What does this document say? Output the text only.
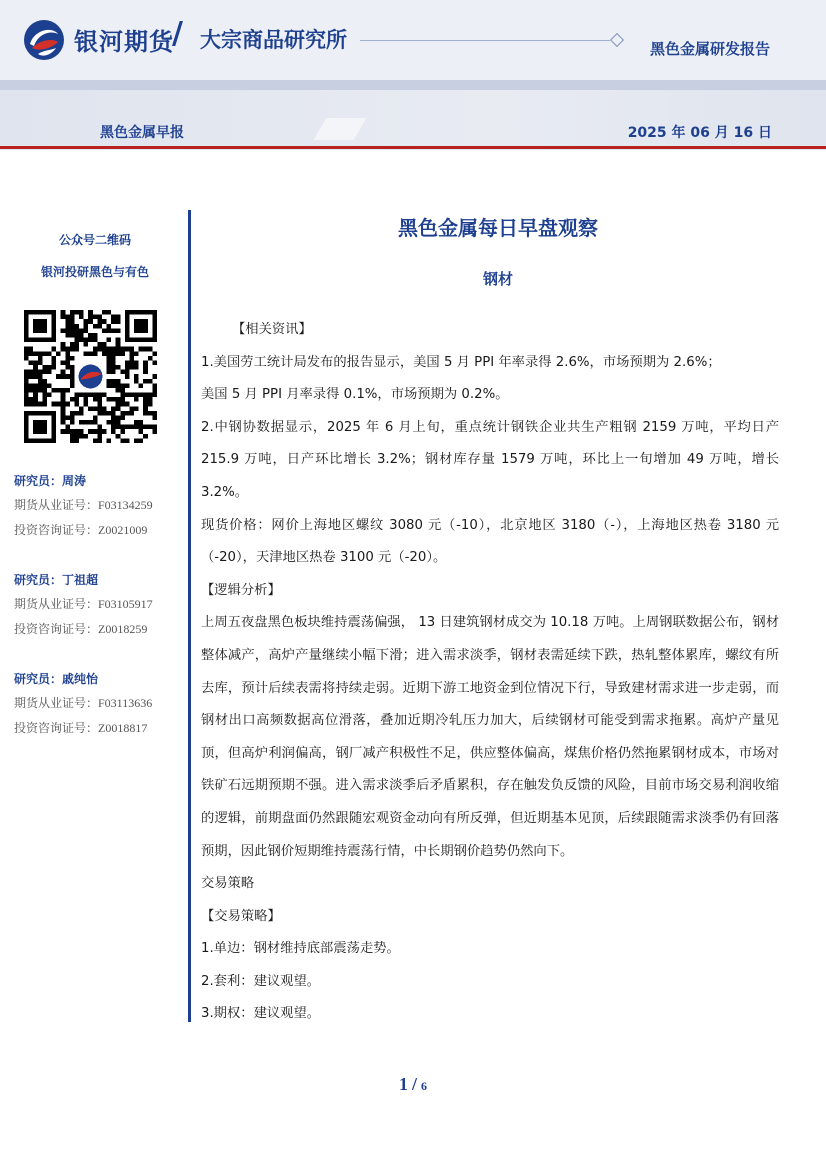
银河期货
/ 大宗商品研究所	黑色金属研发报告
黑色金属早报	2025 年 06 月 16 日
公众号二维码
银河投研黑色与有色
研究员：周涛
期货从业证号：F03134259
投资咨询证号：Z0021009
研究员：丁祖超
期货从业证号：F03105917
投资咨询证号：Z0018259
研究员：戚纯怡
期货从业证号：F03113636
投资咨询证号：Z0018817
黑色金属每日早盘观察
钢材

【相关资讯】

1.美国劳工统计局发布的报告显示，美国 5 月 PPI 年率录得 2.6%，市场预期为 2.6%；
美国 5 月 PPI 月率录得 0.1%，市场预期为 0.2%。

2.中钢协数据显示，2025 年 6 月上旬，重点统计钢铁企业共生产粗钢 2159 万吨，平均日产 215.9 万吨，日产环比增长 3.2%；钢材库存量 1579 万吨，环比上一旬增加 49 万吨，增长 3.2%。

现货价格：网价上海地区螺纹 3080 元（-10），北京地区 3180（-），上海地区热卷 3180 元（-20），天津地区热卷 3100 元（-20）。

【逻辑分析】

上周五夜盘黑色板块维持震荡偏强， 13 日建筑钢材成交为 10.18 万吨。上周钢联数据公布，钢材整体减产，高炉产量继续小幅下滑；进入需求淡季，钢材表需延续下跌，热轧整体累库，螺纹有所去库，预计后续表需将持续走弱。近期下游工地资金到位情况下行，导致建材需求进一步走弱，而钢材出口高频数据高位滑落，叠加近期冷轧压力加大，后续钢材可能受到需求拖累。高炉产量见顶，但高炉利润偏高，钢厂减产积极性不足，供应整体偏高，煤焦价格仍然拖累钢材成本，市场对铁矿石远期预期不强。进入需求淡季后矛盾累积，存在触发负反馈的风险，目前市场交易利润收缩的逻辑，前期盘面仍然跟随宏观资金动向有所反弹，但近期基本见顶，后续跟随需求淡季仍有回落预期，因此钢价短期维持震荡行情，中长期钢价趋势仍然向下。

交易策略

【交易策略】

1.单边：钢材维持底部震荡走势。

2.套利：建议观望。

3.期权：建议观望。

1 / 6
